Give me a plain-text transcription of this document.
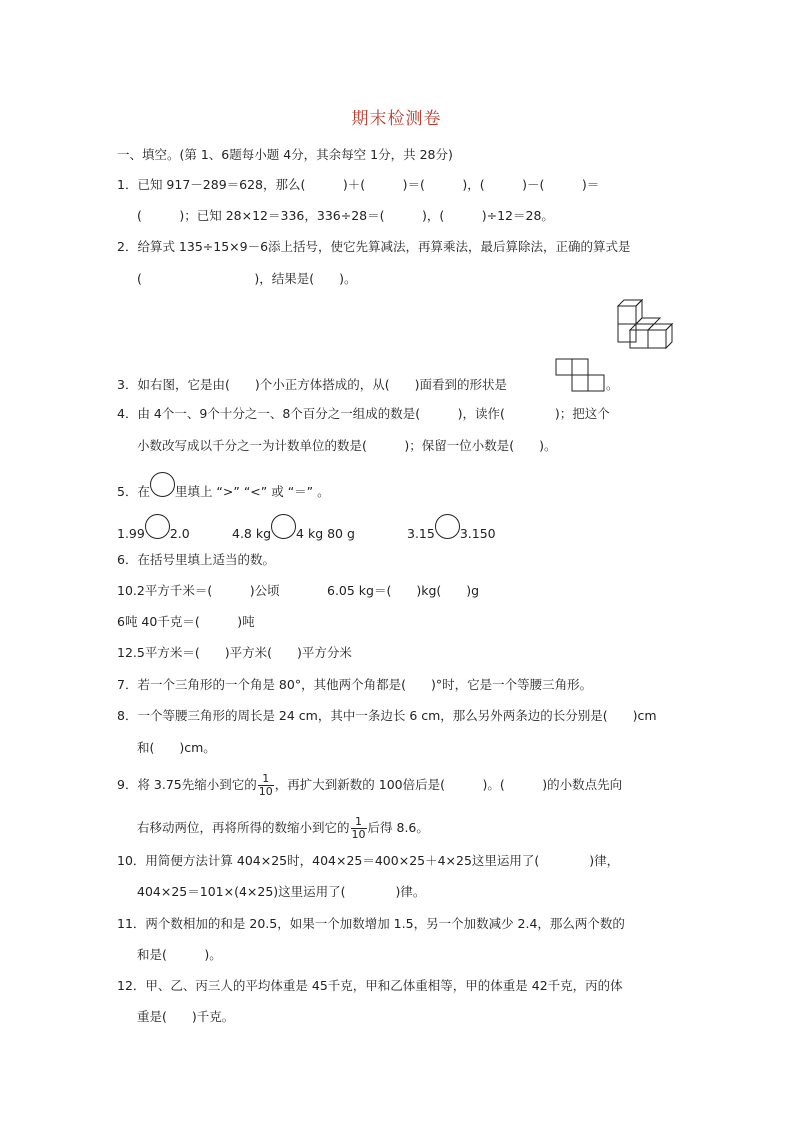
期末检测卷
一、填空。(第 1、6题每小题 4分，其余每空 1分，共 28分)
1．已知 917－289＝628，那么(　　　)＋(　　　)＝(　　　)，(　　　)－(　　　)＝
(　　　)；已知 28×12＝336，336÷28＝(　　　)，(　　　)÷12＝28。
2．给算式 135÷15×9－6添上括号，使它先算减法，再算乘法，最后算除法，正确的算式是
(　　　　　　　　　)，结果是(　　)。
3．如右图，它是由(　　)个小正方体搭成的，从(　　)面看到的形状是	。
4．由 4个一、9个十分之一、8个百分之一组成的数是(　　　)，读作(　　　　)；把这个
小数改写成以千分之一为计数单位的数是(　　　)；保留一位小数是(　　)。
5．在 里填上 “>” “<” 或 “＝” 。
1.99 2.0	4.8 kg 4 kg 80 g	3.15 3.150
6．在括号里填上适当的数。
10.2平方千米＝(　　　)公顷	6.05 kg＝(　　)kg(　　)g
6吨 40千克＝(　　　)吨
12.5平方米＝(　　)平方米(　　)平方分米
7．若一个三角形的一个角是 80°，其他两个角都是(　　)°时，它是一个等腰三角形。
8．一个等腰三角形的周长是 24 cm，其中一条边长 6 cm，那么另外两条边的长分别是(　　)cm
和(　　)cm。
9．将 3.75先缩小到它的 $\frac{1}{10}$ ，再扩大到新数的 100倍后是(　　　)。(　　　)的小数点先向
右移动两位，再将所得的数缩小到它的 $\frac{1}{10}$ 后得 8.6。
10．用简便方法计算 404×25时，404×25＝400×25＋4×25这里运用了(　　　　)律，
404×25＝101×(4×25)这里运用了(　　　　)律。
11．两个数相加的和是 20.5，如果一个加数增加 1.5，另一个加数减少 2.4，那么两个数的
和是(　　　)。
12．甲、乙、丙三人的平均体重是 45千克，甲和乙体重相等，甲的体重是 42千克，丙的体
重是(　　)千克。
